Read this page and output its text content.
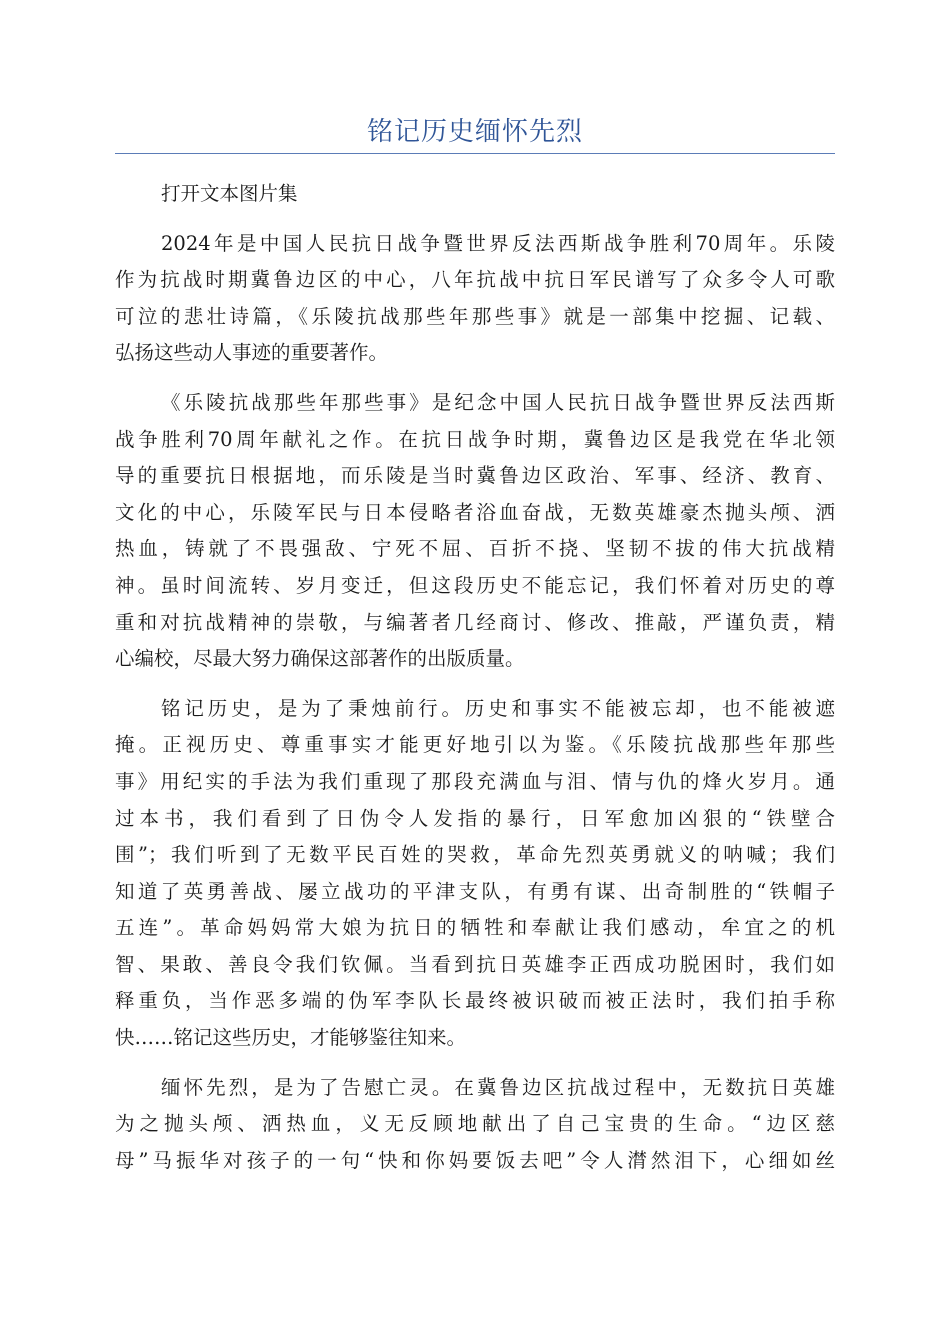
铭记历史缅怀先烈
打开文本图片集
2024年是中国人民抗日战争暨世界反法西斯战争胜利70周年。乐陵
作为抗战时期冀鲁边区的中心，八年抗战中抗日军民谱写了众多令人可歌
可泣的悲壮诗篇，《乐陵抗战那些年那些事》就是一部集中挖掘、记载、
弘扬这些动人事迹的重要著作。
《乐陵抗战那些年那些事》是纪念中国人民抗日战争暨世界反法西斯
战争胜利70周年献礼之作。在抗日战争时期，冀鲁边区是我党在华北领
导的重要抗日根据地，而乐陵是当时冀鲁边区政治、军事、经济、教育、
文化的中心，乐陵军民与日本侵略者浴血奋战，无数英雄豪杰抛头颅、洒
热血，铸就了不畏强敌、宁死不屈、百折不挠、坚韧不拔的伟大抗战精
神。虽时间流转、岁月变迁，但这段历史不能忘记，我们怀着对历史的尊
重和对抗战精神的崇敬，与编著者几经商讨、修改、推敲，严谨负责，精
心编校，尽最大努力确保这部著作的出版质量。
铭记历史，是为了秉烛前行。历史和事实不能被忘却，也不能被遮
掩。正视历史、尊重事实才能更好地引以为鉴。《乐陵抗战那些年那些
事》用纪实的手法为我们重现了那段充满血与泪、情与仇的烽火岁月。通
过本书，我们看到了日伪令人发指的暴行，日军愈加凶狠的“铁壁合
围”；我们听到了无数平民百姓的哭救，革命先烈英勇就义的呐喊；我们
知道了英勇善战、屡立战功的平津支队，有勇有谋、出奇制胜的“铁帽子
五连”。革命妈妈常大娘为抗日的牺牲和奉献让我们感动，牟宜之的机
智、果敢、善良令我们钦佩。当看到抗日英雄李正西成功脱困时，我们如
释重负，当作恶多端的伪军李队长最终被识破而被正法时，我们拍手称
快……铭记这些历史，才能够鉴往知来。
缅怀先烈，是为了告慰亡灵。在冀鲁边区抗战过程中，无数抗日英雄
为之抛头颅、洒热血，义无反顾地献出了自己宝贵的生命。“边区慈
母”马振华对孩子的一句“快和你妈要饭去吧”令人潸然泪下，心细如丝
